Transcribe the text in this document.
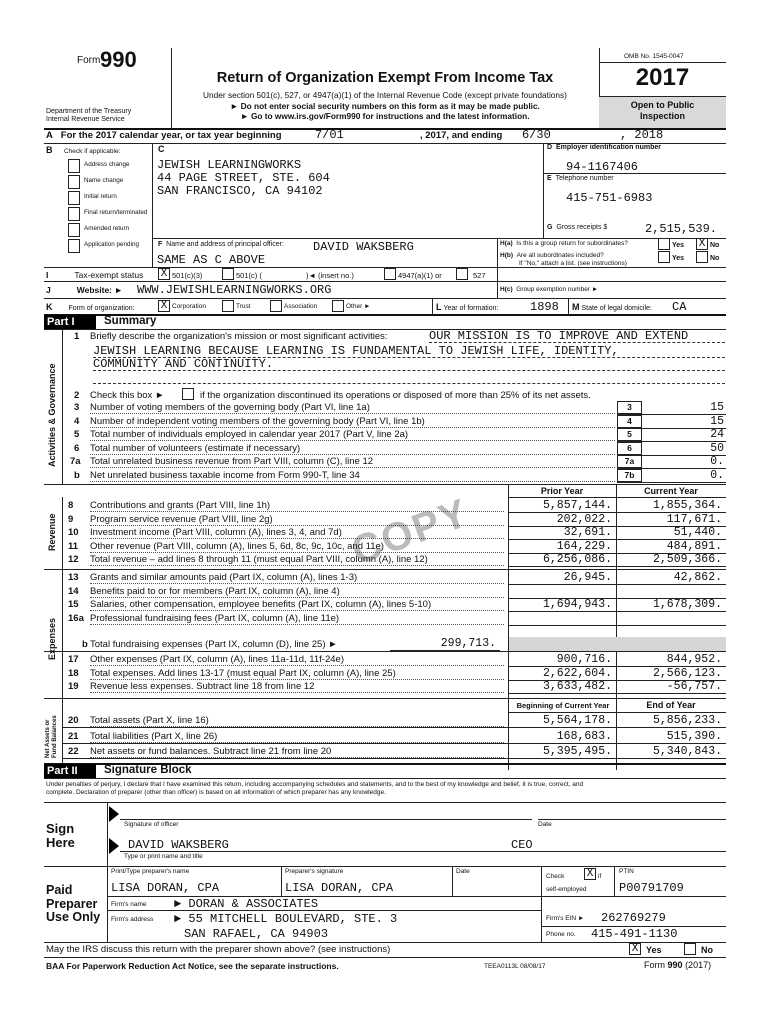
Form 990
Department of the Treasury
Internal Revenue Service
Return of Organization Exempt From Income Tax
Under section 501(c), 527, or 4947(a)(1) of the Internal Revenue Code (except private foundations)
► Do not enter social security numbers on this form as it may be made public.
► Go to www.irs.gov/Form990 for instructions and the latest information.
OMB No. 1545-0047
2017
Open to Public
Inspection
A For the 2017 calendar year, or tax year beginning	7/01	, 2017, and ending 6/30	, 2018
B Check if applicable:
Address change
Name change
Initial return
Final return/terminated
Amended return
Application pending
C
JEWISH LEARNINGWORKS
44 PAGE STREET, STE. 604
SAN FRANCISCO, CA 94102
D Employer identification number
94-1167406
E Telephone number
415-751-6983
G Gross receipts $	2,515,539.
F Name and address of principal officer: DAVID WAKSBERG
SAME AS C ABOVE
H(a) Is this a group return for subordinates?	Yes X No
H(b) Are all subordinates included?
If "No," attach a list. (see instructions)
Yes	No
I	Tax-exempt status X 501(c)(3)	501(c) (	)◄ (insert no.)	4947(a)(1) or	527
J	Website: ► WWW.JEWISHLEARNINGWORKS.ORG	H(c) Group exemption number ►
K Form of organization: X Corporation	Trust	Association	Other ►	L Year of formation:	1898 M State of legal domicile: CA
Part I	Summary
Activities & Governance
1 Briefly describe the organization's mission or most significant activities:	OUR MISSION IS TO IMPROVE AND EXTEND
JEWISH LEARNING BECAUSE LEARNING IS FUNDAMENTAL TO JEWISH LIFE, IDENTITY,
COMMUNITY AND CONTINUITY.
2 Check this box ►	if the organization discontinued its operations or disposed of more than 25% of its net assets.
3 Number of voting members of the governing body (Part VI, line 1a)	3	15
4 Number of independent voting members of the governing body (Part VI, line 1b)	4	15
5 Total number of individuals employed in calendar year 2017 (Part V, line 2a)	5	24
6 Total number of volunteers (estimate if necessary)	6	50
7a Total unrelated business revenue from Part VIII, column (C), line 12	7a	0.
b Net unrelated business taxable income from Form 990-T, line 34	7b	0.
Prior Year	Current Year
Revenue
8 Contributions and grants (Part VIII, line 1h)	5,857,144.	1,855,364.
9 Program service revenue (Part VIII, line 2g)	202,022.	117,671.
10 Investment income (Part VIII, column (A), lines 3, 4, and 7d)	32,691.	51,440.
11 Other revenue (Part VIII, column (A), lines 5, 6d, 8c, 9c, 10c, and 11e)	164,229.	484,891.
12 Total revenue – add lines 8 through 11 (must equal Part VIII, column (A), line 12)	6,256,086.	2,509,366.
13 Grants and similar amounts paid (Part IX, column (A), lines 1-3)	26,945.	42,862.
14 Benefits paid to or for members (Part IX, column (A), line 4)
15 Salaries, other compensation, employee benefits (Part IX, column (A), lines 5-10)	1,694,943.	1,678,309.
16a Professional fundraising fees (Part IX, column (A), line 11e)
17 Other expenses (Part IX, column (A), lines 11a-11d, 11f-24e)	900,716.	844,952.
18 Total expenses. Add lines 13-17 (must equal Part IX, column (A), line 25)	2,622,604.	2,566,123.
19 Revenue less expenses. Subtract line 18 from line 12	3,633,482.	-56,757.
20 Total assets (Part X, line 16)	5,564,178.	5,856,233.
21 Total liabilities (Part X, line 26)	168,683.	515,390.
22 Net assets or fund balances. Subtract line 21 from line 20	5,395,495.	5,340,843.
b Total fundraising expenses (Part IX, column (D), line 25) ►	299,713.
Beginning of Current Year	End of Year
Expenses
Net Assets or Fund Balances
COPY
Part II	Signature Block
Under penalties of perjury, I declare that I have examined this return, including accompanying schedules and statements, and to the best of my knowledge and belief, it is true, correct, and
complete. Declaration of preparer (other than officer) is based on all information of which preparer has any knowledge.
Sign
Here
Signature of officer	Date
DAVID WAKSBERG	CEO
Type or print name and title
Paid
Preparer
Use Only
Print/Type preparer's name	Preparer's signature	Date
Check X if
self-employed
PTIN
LISA DORAN, CPA	LISA DORAN, CPA	P00791709
Firm's name ► DORAN & ASSOCIATES
Firm's address ► 55 MITCHELL BOULEVARD, STE. 3
SAN RAFAEL, CA 94903
Firm's EIN ► 262769279
Phone no. 415-491-1130
May the IRS discuss this return with the preparer shown above? (see instructions)	X Yes	No
BAA For Paperwork Reduction Act Notice, see the separate instructions.	TEEA0113L 08/08/17	Form 990 (2017)
